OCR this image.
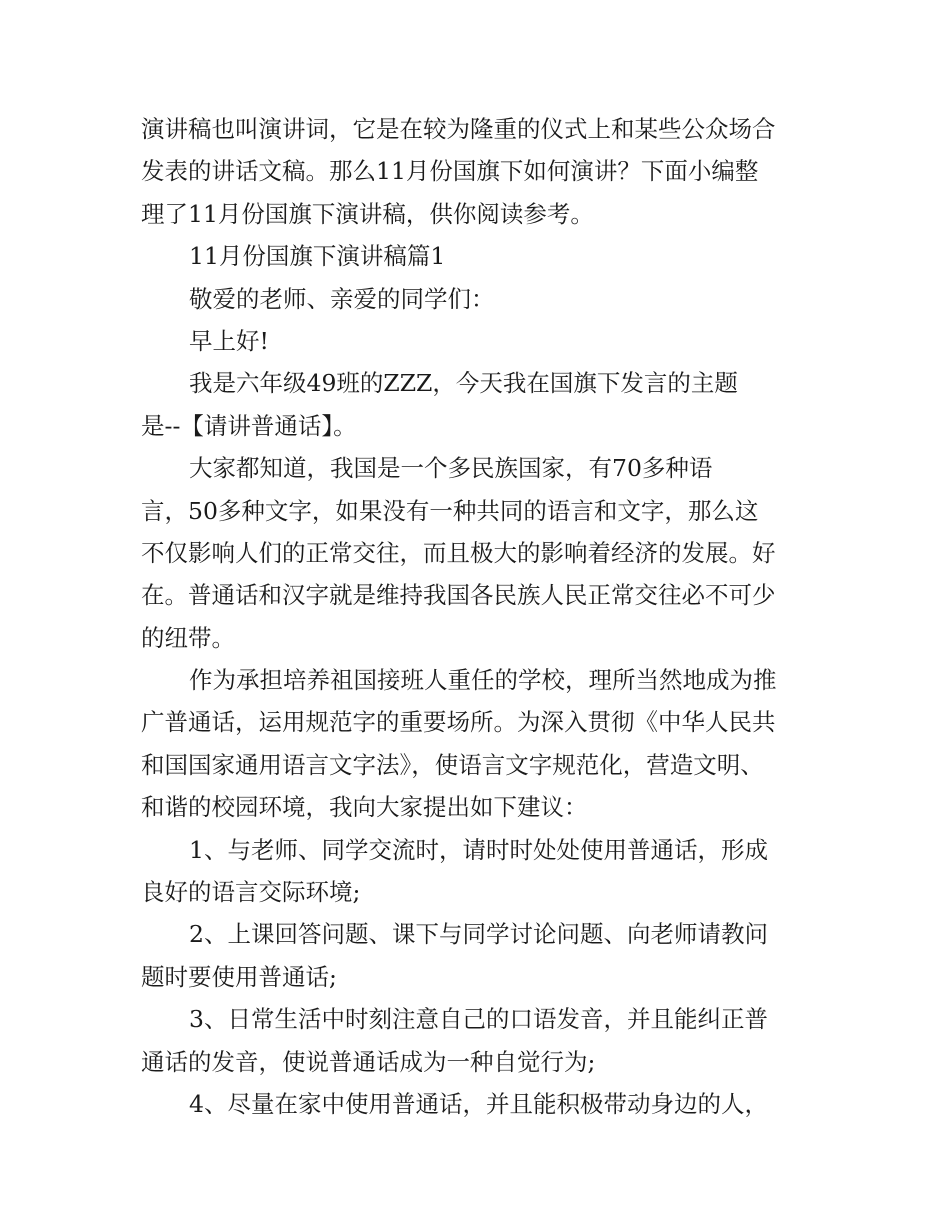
演讲稿也叫演讲词，它是在较为隆重的仪式上和某些公众场合
发表的讲话文稿。那么11月份国旗下如何演讲？下面小编整
理了11月份国旗下演讲稿，供你阅读参考。
11月份国旗下演讲稿篇1
敬爱的老师、亲爱的同学们：
早上好!
我是六年级49班的ZZZ，今天我在国旗下发言的主题
是--【请讲普通话】。
大家都知道，我国是一个多民族国家，有70多种语
言，50多种文字，如果没有一种共同的语言和文字，那么这
不仅影响人们的正常交往，而且极大的影响着经济的发展。好
在。普通话和汉字就是维持我国各民族人民正常交往必不可少
的纽带。
作为承担培养祖国接班人重任的学校，理所当然地成为推
广普通话，运用规范字的重要场所。为深入贯彻《中华人民共
和国国家通用语言文字法》，使语言文字规范化，营造文明、
和谐的校园环境，我向大家提出如下建议：
1、与老师、同学交流时，请时时处处使用普通话，形成
良好的语言交际环境;
2、上课回答问题、课下与同学讨论问题、向老师请教问
题时要使用普通话;
3、日常生活中时刻注意自己的口语发音，并且能纠正普
通话的发音，使说普通话成为一种自觉行为;
4、尽量在家中使用普通话，并且能积极带动身边的人，
